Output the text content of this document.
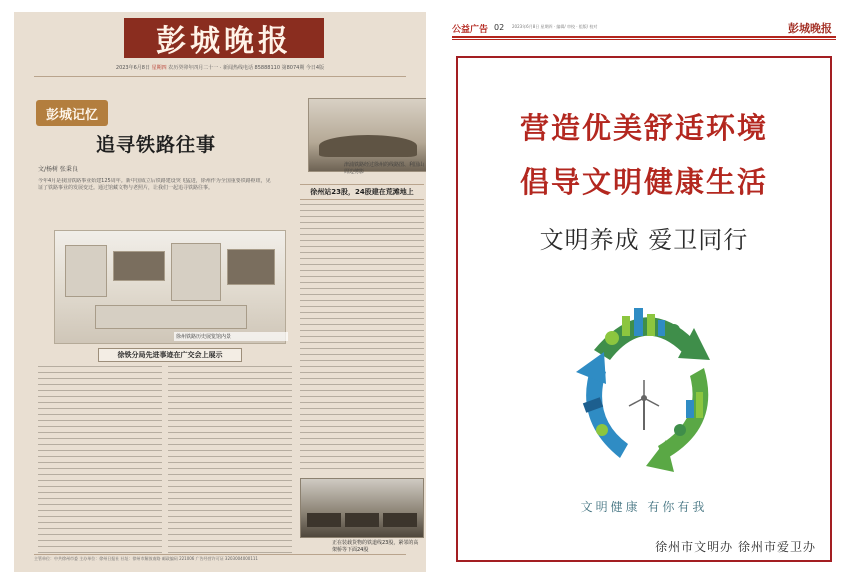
彭城晚报
2023年6月8日 星期四 农历癸卯年四月二十一 · 新闻热线电话 85888110 第8074期 今日4版
彭城记忆
追寻铁路往事
文/杨树 张秉良
今年4月是我国铁路事业始建125周年。新中国成立后铁路建设突飞猛进，徐州作为全国重要铁路枢纽，见证了铁路事业的发展变迁。通过馆藏文物与老照片，让我们一起追寻铁路往事。
津浦铁路经过徐州的线路图、利国山周边剪影
徐州站23股，24股建在荒滩地上
徐州铁路历史展览馆内景
徐铁分局先进事迹在广交会上展示
正在装载货物的铁道线23股，紧邻的高架桥等下面24股
主管单位：中共徐州市委 主办单位：徐州日报社 社址：徐州市解放南路 邮政编码 221006 广告经营许可证 3203004000111
公益广告 02 2023年6月8日 星期四 · 编辑/ 审校 · 组版/ 校对	彭城晚报
营造优美舒适环境
倡导文明健康生活
文明养成 爱卫同行
文明健康 有你有我
徐州市文明办 徐州市爱卫办
